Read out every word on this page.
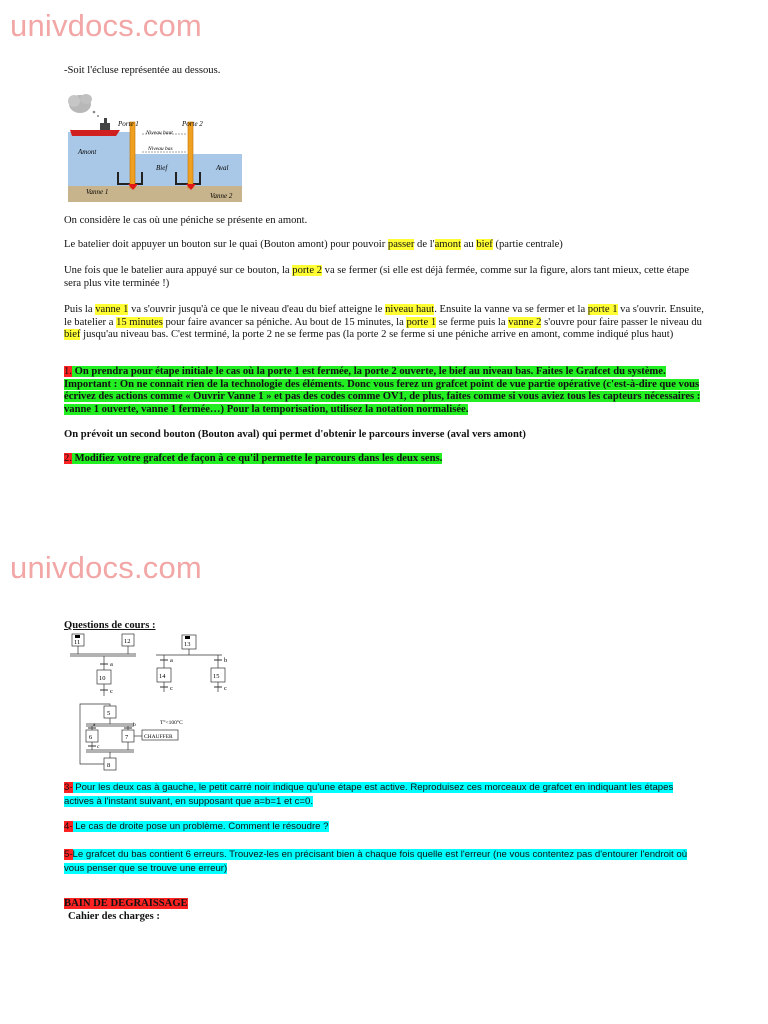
univdocs.com
univdocs.com

-Soit l'écluse représentée au dessous.

Porte 1	Porte 2
Niveau haut
Niveau bas
Amont
Bief	Aval
Vanne 1	Vanne 2

On considère le cas où une péniche se présente en amont.

Le batelier doit appuyer un bouton sur le quai (Bouton amont) pour pouvoir passer de l'amont au bief (partie centrale)

Une fois que le batelier aura appuyé sur ce bouton, la porte 2 va se fermer (si elle est déjà fermée, comme sur la figure, alors tant mieux, cette étape sera plus vite terminée !)

Puis la vanne 1 va s'ouvrir jusqu'à ce que le niveau d'eau du bief atteigne le niveau haut. Ensuite la vanne va se fermer et la porte 1 va s'ouvrir. Ensuite, le batelier a 15 minutes pour faire avancer sa péniche. Au bout de 15 minutes, la porte 1 se ferme puis la vanne 2 s'ouvre pour faire passer le niveau du bief jusqu'au niveau bas. C'est terminé, la porte 2 ne se ferme pas (la porte 2 se ferme si une péniche arrive en amont, comme indiqué plus haut)

1. On prendra pour étape initiale le cas où la porte 1 est fermée, la porte 2 ouverte, le bief au niveau bas. Faites le Grafcet du système. Important : On ne connait rien de la technologie des éléments. Donc vous ferez un grafcet point de vue partie opérative (c'est-à-dire que vous écrivez des actions comme « Ouvrir Vanne 1 » et pas des codes comme OV1, de plus, faites comme si vous aviez tous les capteurs nécessaires : vanne 1 ouverte, vanne 1 fermée…) Pour la temporisation, utilisez la notation normalisée.

On prévoit un second bouton (Bouton aval) qui permet d'obtenir le parcours inverse (aval vers amont)

2. Modifiez votre grafcet de façon à ce qu'il permette le parcours dans les deux sens.

Questions de cours :

11	12
a
10
c
13
a	b
14	15
c	c
5
a	b
6	7	CHAUFFER
T°<100°C
c
8

3- Pour les deux cas à gauche, le petit carré noir indique qu'une étape est active. Reproduisez ces morceaux de grafcet en indiquant les étapes actives à l'instant suivant, en supposant que a=b=1 et c=0.

4- Le cas de droite pose un problème. Comment le résoudre ?

5-Le grafcet du bas contient 6 erreurs. Trouvez-les en précisant bien à chaque fois quelle est l'erreur (ne vous contentez pas d'entourer l'endroit où vous penser que se trouve une erreur)

BAIN DE DEGRAISSAGE

Cahier des charges :
